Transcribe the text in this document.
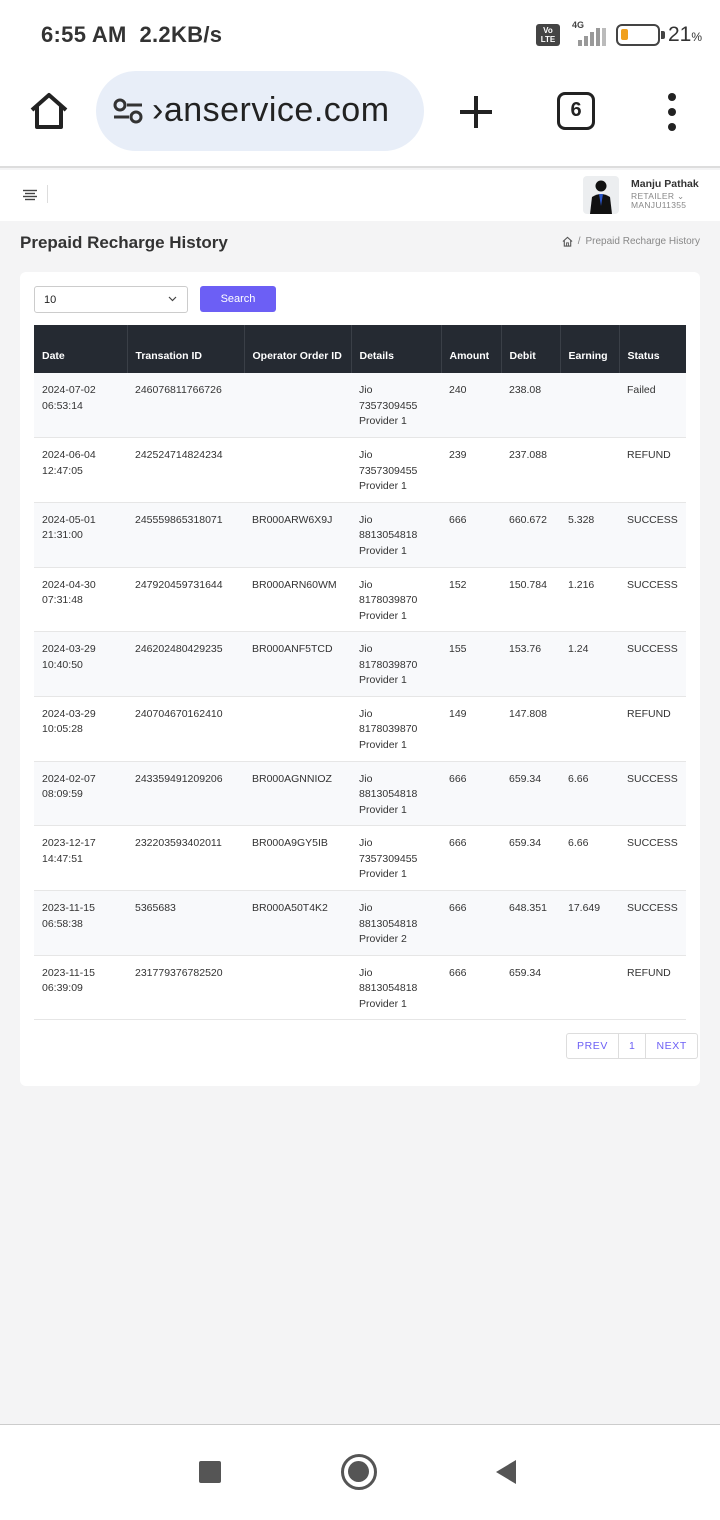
6:55 AM 2.2KB/s	Vo LTE
4G	21%
›anservice.com	6
Manju Pathak
RETAILER ⌄
MANJU11355
Prepaid Recharge History	/ Prepaid Recharge History
10	Search
Date	Transation ID	Operator Order ID	Details	Amount	Debit	Earning	Status
2024-07-02
06:53:14	246076811766726		Jio
7357309455
Provider 1	240	238.08		Failed
2024-06-04
12:47:05	242524714824234		Jio
7357309455
Provider 1	239	237.088		REFUND
2024-05-01
21:31:00	245559865318071	BR000ARW6X9J	Jio
8813054818
Provider 1	666	660.672	5.328	SUCCESS
2024-04-30
07:31:48	247920459731644	BR000ARN60WM	Jio
8178039870
Provider 1	152	150.784	1.216	SUCCESS
2024-03-29
10:40:50	246202480429235	BR000ANF5TCD	Jio
8178039870
Provider 1	155	153.76	1.24	SUCCESS
2024-03-29
10:05:28	240704670162410		Jio
8178039870
Provider 1	149	147.808		REFUND
2024-02-07
08:09:59	243359491209206	BR000AGNNIOZ	Jio
8813054818
Provider 1	666	659.34	6.66	SUCCESS
2023-12-17
14:47:51	232203593402011	BR000A9GY5IB	Jio
7357309455
Provider 1	666	659.34	6.66	SUCCESS
2023-11-15
06:58:38	5365683	BR000A50T4K2	Jio
8813054818
Provider 2	666	648.351	17.649	SUCCESS
2023-11-15
06:39:09	231779376782520		Jio
8813054818
Provider 1	666	659.34		REFUND
PREV	1	NEXT
